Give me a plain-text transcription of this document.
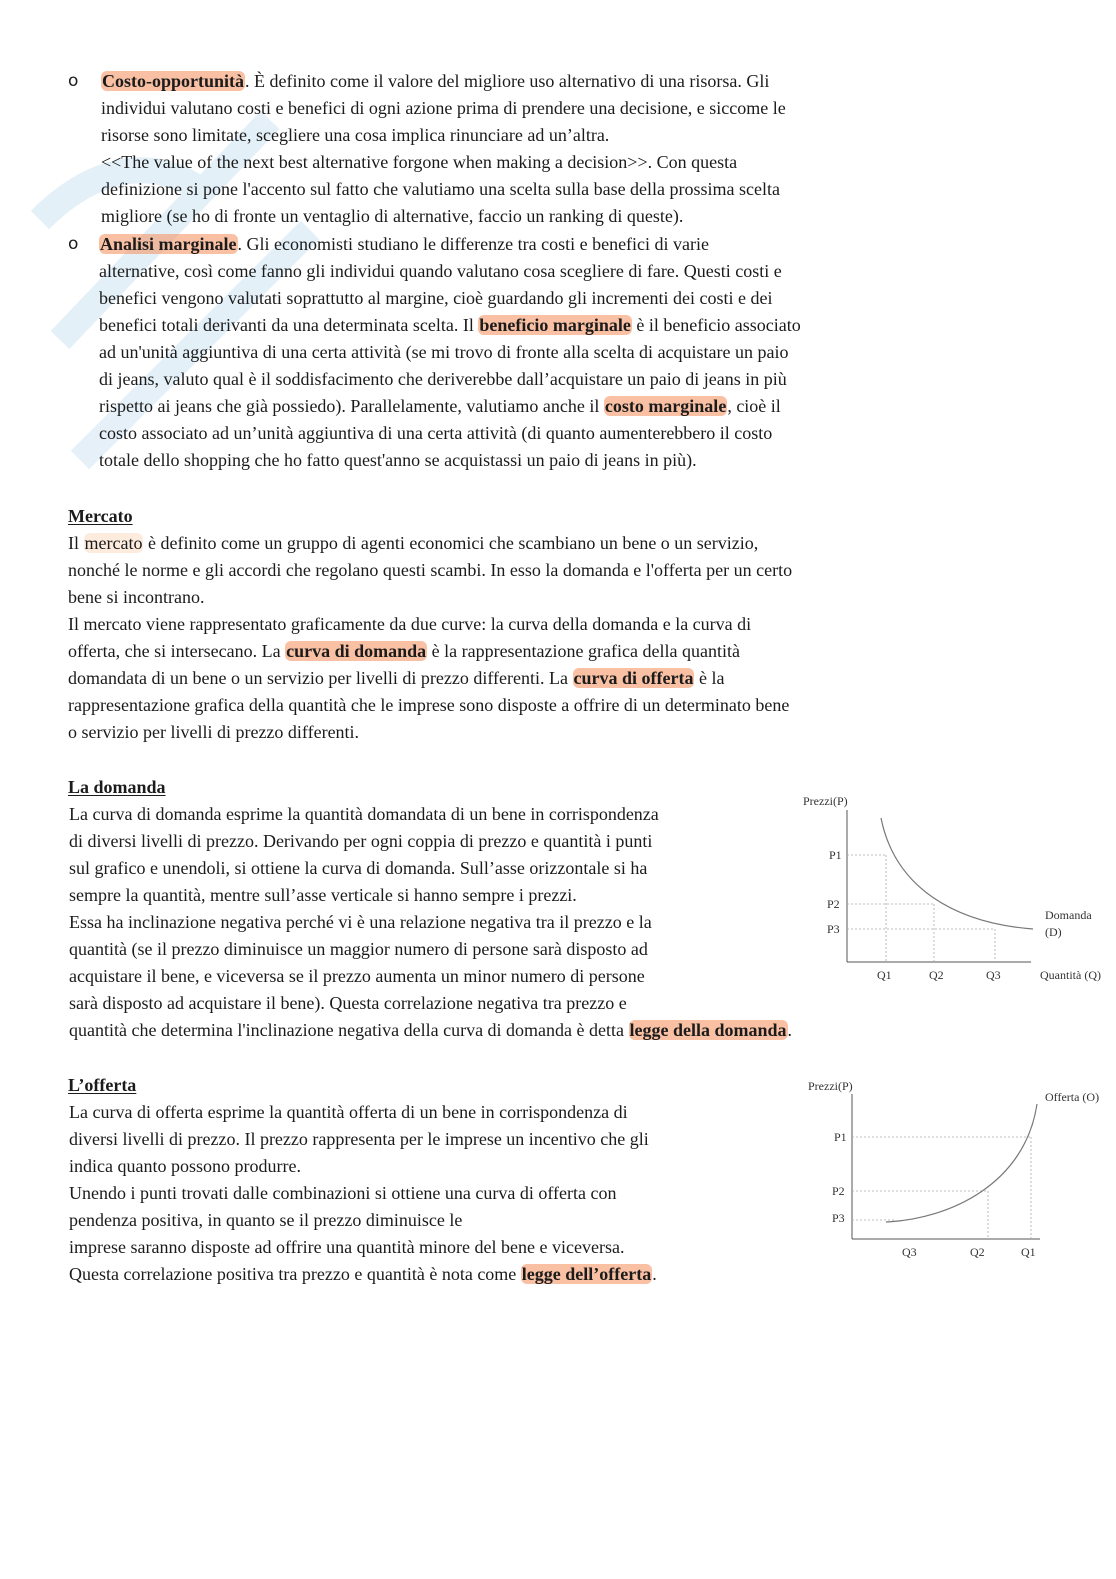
o Costo-opportunità. È definito come il valore del migliore uso alternativo di una risorsa. Gli
individui valutano costi e benefici di ogni azione prima di prendere una decisione, e siccome le
risorse sono limitate, scegliere una cosa implica rinunciare ad un’altra.
<<The value of the next best alternative forgone when making a decision>>. Con questa
definizione si pone l'accento sul fatto che valutiamo una scelta sulla base della prossima scelta
migliore (se ho di fronte un ventaglio di alternative, faccio un ranking di queste).
o Analisi marginale. Gli economisti studiano le differenze tra costi e benefici di varie
alternative, così come fanno gli individui quando valutano cosa scegliere di fare. Questi costi e
benefici vengono valutati soprattutto al margine, cioè guardando gli incrementi dei costi e dei
benefici totali derivanti da una determinata scelta. Il beneficio marginale è il beneficio associato
ad un'unità aggiuntiva di una certa attività (se mi trovo di fronte alla scelta di acquistare un paio
di jeans, valuto qual è il soddisfacimento che deriverebbe dall’acquistare un paio di jeans in più
rispetto ai jeans che già possiedo). Parallelamente, valutiamo anche il costo marginale, cioè il
costo associato ad un’unità aggiuntiva di una certa attività (di quanto aumenterebbero il costo
totale dello shopping che ho fatto quest'anno se acquistassi un paio di jeans in più).
Mercato
Il mercato è definito come un gruppo di agenti economici che scambiano un bene o un servizio,
nonché le norme e gli accordi che regolano questi scambi. In esso la domanda e l'offerta per un certo
bene si incontrano.
Il mercato viene rappresentato graficamente da due curve: la curva della domanda e la curva di
offerta, che si intersecano. La curva di domanda è la rappresentazione grafica della quantità
domandata di un bene o un servizio per livelli di prezzo differenti. La curva di offerta è la
rappresentazione grafica della quantità che le imprese sono disposte a offrire di un determinato bene
o servizio per livelli di prezzo differenti.
La domanda
La curva di domanda esprime la quantità domandata di un bene in corrispondenza
di diversi livelli di prezzo. Derivando per ogni coppia di prezzo e quantità i punti
sul grafico e unendoli, si ottiene la curva di domanda. Sull’asse orizzontale si ha
sempre la quantità, mentre sull’asse verticale si hanno sempre i prezzi.
Essa ha inclinazione negativa perché vi è una relazione negativa tra il prezzo e la
quantità (se il prezzo diminuisce un maggior numero di persone sarà disposto ad
acquistare il bene, e viceversa se il prezzo aumenta un minor numero di persone
sarà disposto ad acquistare il bene). Questa correlazione negativa tra prezzo e
quantità che determina l'inclinazione negativa della curva di domanda è detta legge della domanda.
Prezzi(P)
P1
P2
P3
Q1	Q2	Q3	Quantità (Q)
Domanda
(D)
L’offerta
La curva di offerta esprime la quantità offerta di un bene in corrispondenza di
diversi livelli di prezzo. Il prezzo rappresenta per le imprese un incentivo che gli
indica quanto possono produrre.
Unendo i punti trovati dalle combinazioni si ottiene una curva di offerta con
pendenza positiva, in quanto se il prezzo diminuisce le
imprese saranno disposte ad offrire una quantità minore del bene e viceversa.
Questa correlazione positiva tra prezzo e quantità è nota come legge dell’offerta.
Prezzi(P)
Offerta (O)
P1
P2
P3
Q3	Q2	Q1
